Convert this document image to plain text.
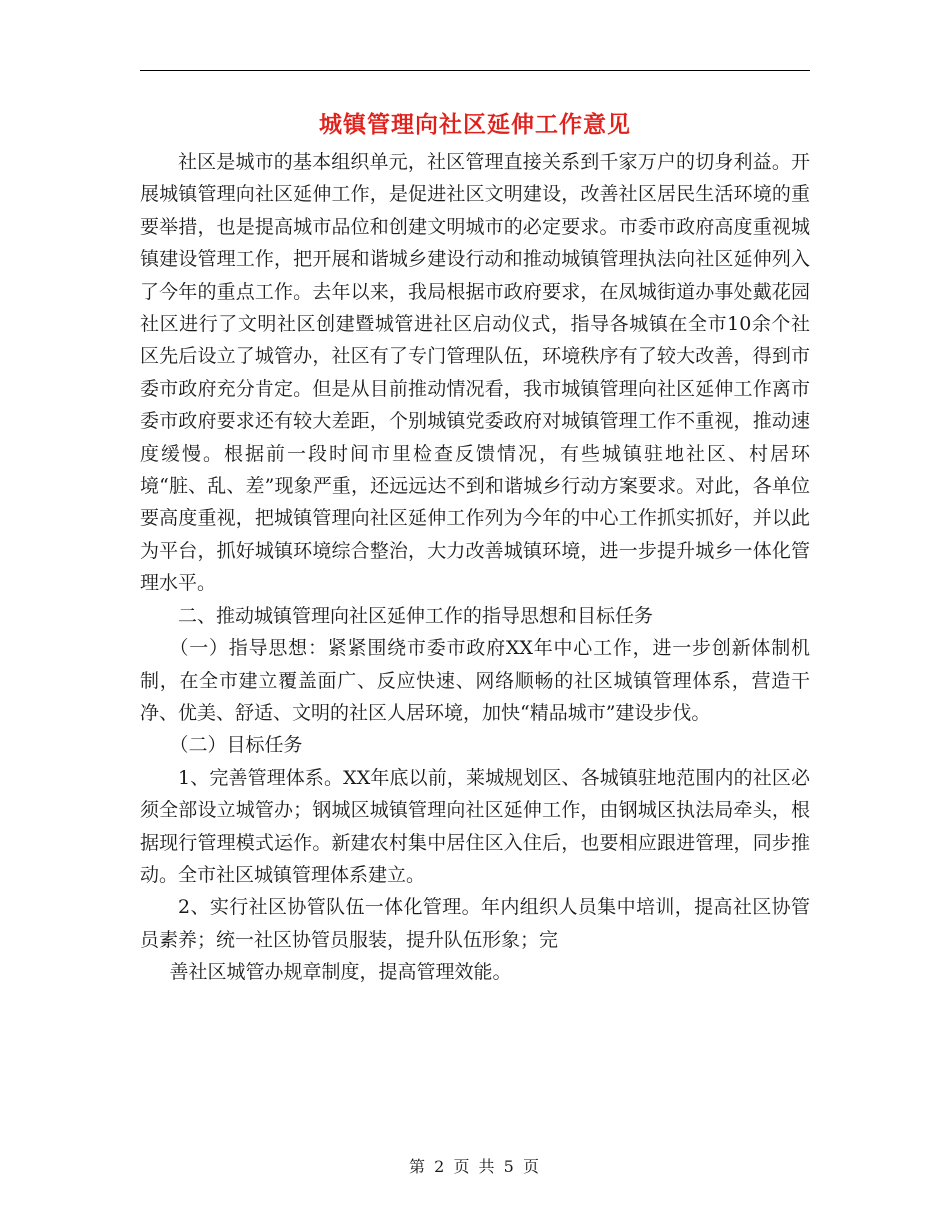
城镇管理向社区延伸工作意见

社区是城市的基本组织单元，社区管理直接关系到千家万户的切身利益。开展城镇管理向社区延伸工作，是促进社区文明建设，改善社区居民生活环境的重要举措，也是提高城市品位和创建文明城市的必定要求。市委市政府高度重视城镇建设管理工作，把开展和谐城乡建设行动和推动城镇管理执法向社区延伸列入了今年的重点工作。去年以来，我局根据市政府要求，在凤城街道办事处戴花园社区进行了文明社区创建暨城管进社区启动仪式，指导各城镇在全市10余个社区先后设立了城管办，社区有了专门管理队伍，环境秩序有了较大改善，得到市委市政府充分肯定。但是从目前推动情况看，我市城镇管理向社区延伸工作离市委市政府要求还有较大差距，个别城镇党委政府对城镇管理工作不重视，推动速度缓慢。根据前一段时间市里检查反馈情况，有些城镇驻地社区、村居环境“脏、乱、差”现象严重，还远远达不到和谐城乡行动方案要求。对此，各单位要高度重视，把城镇管理向社区延伸工作列为今年的中心工作抓实抓好，并以此为平台，抓好城镇环境综合整治，大力改善城镇环境，进一步提升城乡一体化管理水平。

二、推动城镇管理向社区延伸工作的指导思想和目标任务

（一）指导思想：紧紧围绕市委市政府XX年中心工作，进一步创新体制机制，在全市建立覆盖面广、反应快速、网络顺畅的社区城镇管理体系，营造干净、优美、舒适、文明的社区人居环境，加快“精品城市”建设步伐。

（二）目标任务

1、完善管理体系。XX年底以前，莱城规划区、各城镇驻地范围内的社区必须全部设立城管办；钢城区城镇管理向社区延伸工作，由钢城区执法局牵头，根据现行管理模式运作。新建农村集中居住区入住后，也要相应跟进管理，同步推动。全市社区城镇管理体系建立。

2、实行社区协管队伍一体化管理。年内组织人员集中培训，提高社区协管员素养；统一社区协管员服装，提升队伍形象；完

善社区城管办规章制度，提高管理效能。

第 2 页 共 5 页
